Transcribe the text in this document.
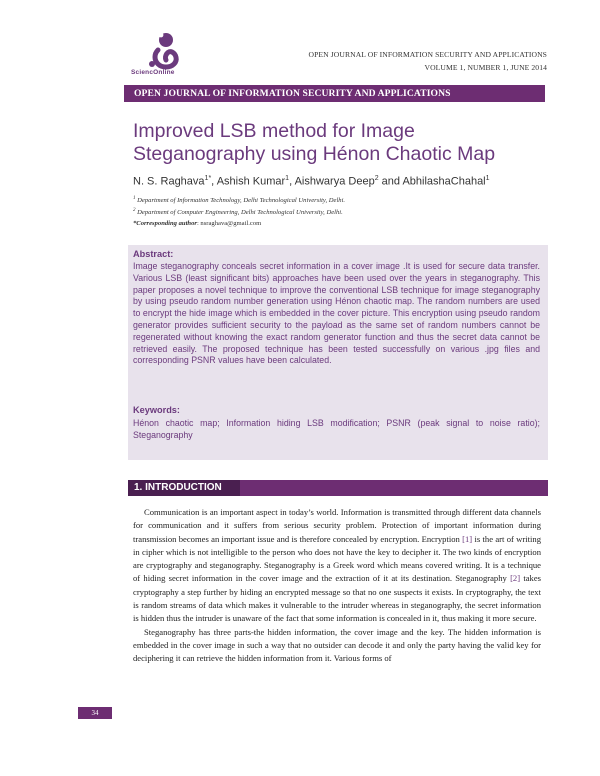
SciencOnline
OPEN JOURNAL OF INFORMATION SECURITY AND APPLICATIONS
VOLUME 1, NUMBER 1, JUNE 2014
OPEN JOURNAL OF INFORMATION SECURITY AND APPLICATIONS
Improved LSB method for Image
Steganography using Hénon Chaotic Map
N. S. Raghava$^{1*}$, Ashish Kumar$^1$, Aishwarya Deep$^2$ and AbhilashaChahal$^1$
$^1$ Department of Information Technology, Delhi Technological University, Delhi.
$^2$ Department of Computer Engineering, Delhi Technological University, Delhi.
*Corresponding author: nsraghava@gmail.com
Abstract:
Image steganography conceals secret information in a cover image .It is used for secure data transfer. Various LSB (least significant bits) approaches have been used over the years in steganography. This paper proposes a novel technique to improve the conventional LSB technique for image steganography by using pseudo random number generation using Hénon chaotic map. The random numbers are used to encrypt the hide image which is embedded in the cover picture. This encryption using pseudo random generator provides sufficient security to the payload as the same set of random numbers cannot be regenerated without knowing the exact random generator function and thus the secret data cannot be retrieved easily. The proposed technique has been tested successfully on various .jpg files and corresponding PSNR values have been calculated.
Keywords:
Hénon chaotic map; Information hiding LSB modification; PSNR (peak signal to noise ratio); Steganography
1. INTRODUCTION

Communication is an important aspect in today’s world. Information is transmitted through different data channels for communication and it suffers from serious security problem. Protection of important information during transmission becomes an important issue and is therefore concealed by encryption. Encryption [1] is the art of writing in cipher which is not intelligible to the person who does not have the key to decipher it. The two kinds of encryption are cryptography and steganography. Steganography is a Greek word which means covered writing. It is a technique of hiding secret information in the cover image and the extraction of it at its destination. Steganography [2] takes cryptography a step further by hiding an encrypted message so that no one suspects it exists. In cryptography, the text is random streams of data which makes it vulnerable to the intruder whereas in steganography, the secret information is hidden thus the intruder is unaware of the fact that some information is concealed in it, thus making it more secure.

Steganography has three parts-the hidden information, the cover image and the key. The hidden information is embedded in the cover image in such a way that no outsider can decode it and only the party having the valid key for deciphering it can retrieve the hidden information from it. Various forms of

34
